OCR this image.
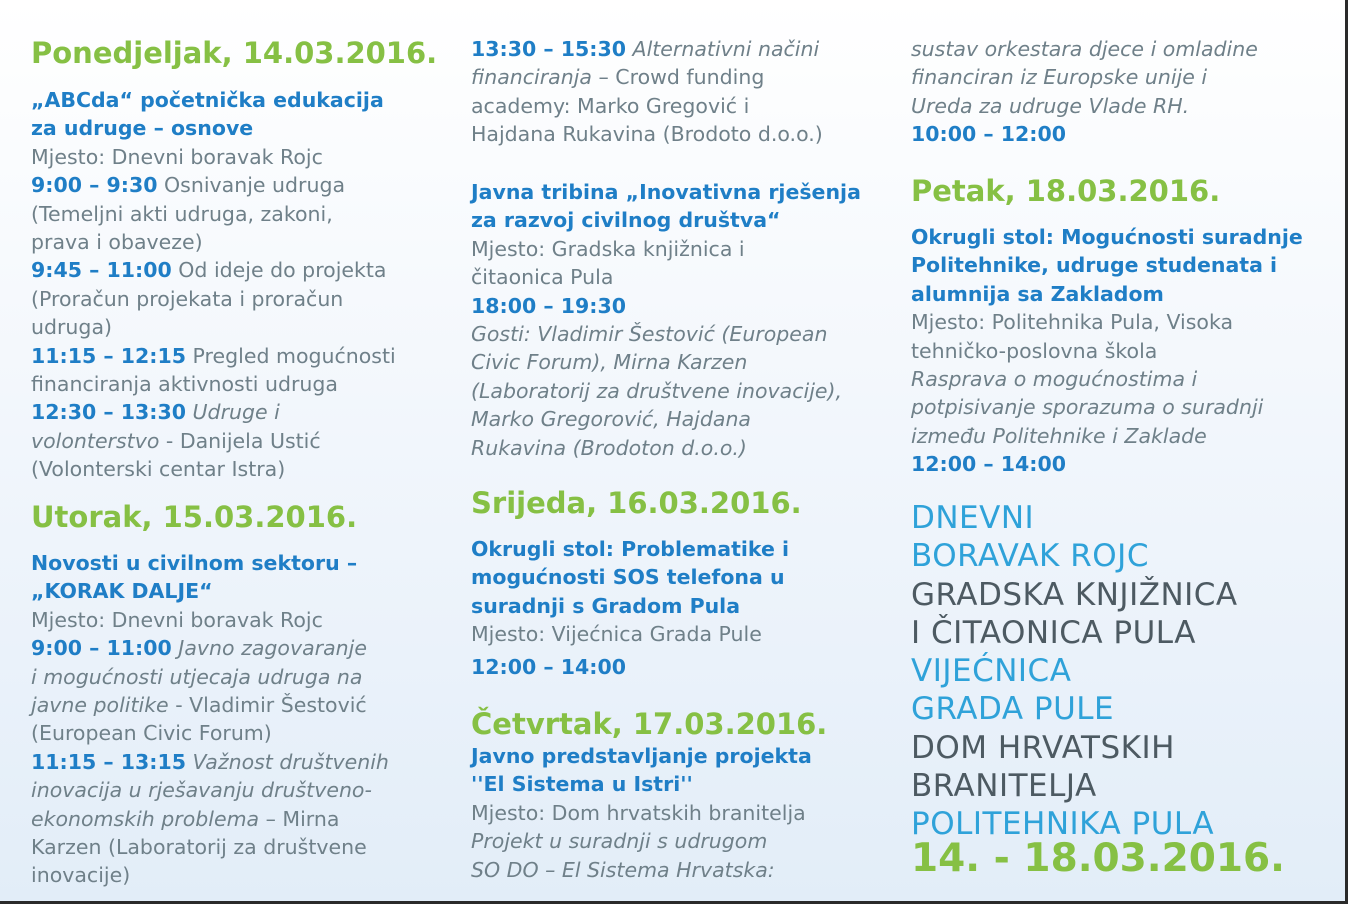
Ponedjeljak, 14.03.2016.
„ABCda“ početnička edukacija
za udruge – osnove
Mjesto: Dnevni boravak Rojc
9:00 – 9:30 Osnivanje udruga
(Temeljni akti udruga, zakoni,
prava i obaveze)
9:45 – 11:00 Od ideje do projekta
(Proračun projekata i proračun
udruga)
11:15 – 12:15 Pregled mogućnosti
financiranja aktivnosti udruga
12:30 – 13:30 Udruge i
volonterstvo - Danijela Ustić
(Volonterski centar Istra)
Utorak, 15.03.2016.
Novosti u civilnom sektoru –
„KORAK DALJE“
Mjesto: Dnevni boravak Rojc
9:00 – 11:00 Javno zagovaranje
i mogućnosti utjecaja udruga na
javne politike - Vladimir Šestović
(European Civic Forum)
11:15 – 13:15 Važnost društvenih
inovacija u rješavanju društveno-
ekonomskih problema – Mirna
Karzen (Laboratorij za društvene
inovacije)
13:30 – 15:30 Alternativni načini
financiranja – Crowd funding
academy: Marko Gregović i
Hajdana Rukavina (Brodoto d.o.o.)
Javna tribina „Inovativna rješenja
za razvoj civilnog društva“
Mjesto: Gradska knjižnica i
čitaonica Pula
18:00 – 19:30
Gosti: Vladimir Šestović (European
Civic Forum), Mirna Karzen
(Laboratorij za društvene inovacije),
Marko Gregorović, Hajdana
Rukavina (Brodoton d.o.o.)
Srijeda, 16.03.2016.
Okrugli stol: Problematike i
mogućnosti SOS telefona u
suradnji s Gradom Pula
Mjesto: Vijećnica Grada Pule
12:00 – 14:00
Četvrtak, 17.03.2016.
Javno predstavljanje projekta
''El Sistema u Istri''
Mjesto: Dom hrvatskih branitelja
Projekt u suradnji s udrugom
SO DO – El Sistema Hrvatska:
sustav orkestara djece i omladine
financiran iz Europske unije i
Ureda za udruge Vlade RH.
10:00 – 12:00
Petak, 18.03.2016.
Okrugli stol: Mogućnosti suradnje
Politehnike, udruge studenata i
alumnija sa Zakladom
Mjesto: Politehnika Pula, Visoka
tehničko-poslovna škola
Rasprava o mogućnostima i
potpisivanje sporazuma o suradnji
između Politehnike i Zaklade
12:00 – 14:00
DNEVNI
BORAVAK ROJC
GRADSKA KNJIŽNICA
I ČITAONICA PULA
VIJEĆNICA
GRADA PULE
DOM HRVATSKIH
BRANITELJA
POLITEHNIKA PULA
14. - 18.03.2016.
